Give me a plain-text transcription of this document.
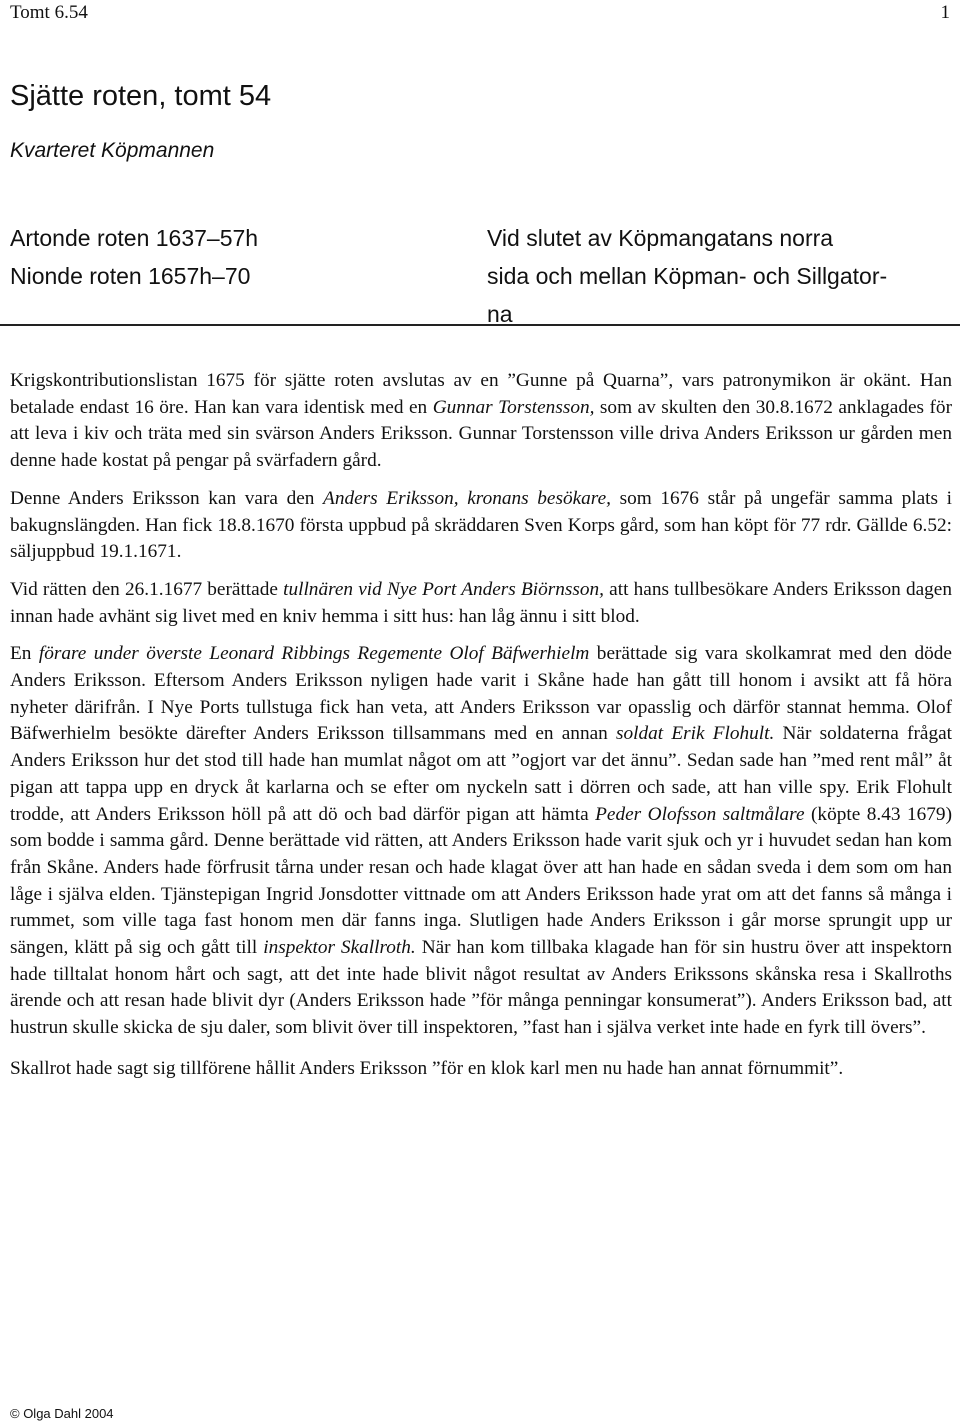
Tomt 6.54	1
Sjätte roten, tomt 54
Kvarteret Köpmannen
Artonde roten 1637–57h
Nionde roten 1657h–70
Vid slutet av Köpmangatans norra
sida och mellan Köpman- och Sillgator-
na

Krigskontributionslistan 1675 för sjätte roten avslutas av en ”Gunne på Quarna”, vars patronymikon är okänt. Han betalade endast 16 öre. Han kan vara identisk med en Gunnar Torstensson, som av skulten den 30.8.1672 anklagades för att leva i kiv och träta med sin svärson Anders Eriksson. Gunnar Torstensson ville driva Anders Eriksson ur gården men denne hade kostat på pengar på svärfadern gård.

Denne Anders Eriksson kan vara den Anders Eriksson, kronans besökare, som 1676 står på ungefär samma plats i bakugnslängden. Han fick 18.8.1670 första uppbud på skräddaren Sven Korps gård, som han köpt för 77 rdr. Gällde 6.52: säljuppbud 19.1.1671.

Vid rätten den 26.1.1677 berättade tullnären vid Nye Port Anders Biörnsson, att hans tullbesökare Anders Eriksson dagen innan hade avhänt sig livet med en kniv hemma i sitt hus: han låg ännu i sitt blod.

En förare under överste Leonard Ribbings Regemente Olof Bäfwerhielm berättade sig vara skolkamrat med den döde Anders Eriksson. Eftersom Anders Eriksson nyligen hade varit i Skåne hade han gått till honom i avsikt att få höra nyheter därifrån. I Nye Ports tullstuga fick han veta, att Anders Eriksson var opasslig och därför stannat hemma. Olof Bäfwerhielm besökte därefter Anders Eriksson tillsammans med en annan soldat Erik Flohult. När soldaterna frågat Anders Eriksson hur det stod till hade han mumlat något om att ”ogjort var det ännu”. Sedan sade han ”med rent mål” åt pigan att tappa upp en dryck åt karlarna och se efter om nyckeln satt i dörren och sade, att han ville spy. Erik Flohult trodde, att Anders Eriksson höll på att dö och bad därför pigan att hämta Peder Olofsson saltmålare (köpte 8.43 1679) som bodde i samma gård. Denne berättade vid rätten, att Anders Eriksson hade varit sjuk och yr i huvudet sedan han kom från Skåne. Anders hade förfrusit tårna under resan och hade klagat över att han hade en sådan sveda i dem som om han låge i själva elden. Tjänstepigan Ingrid Jonsdotter vittnade om att Anders Eriksson hade yrat om att det fanns så många i rummet, som ville taga fast honom men där fanns inga. Slutligen hade Anders Eriksson i går morse sprungit upp ur sängen, klätt på sig och gått till inspektor Skallroth. När han kom tillbaka klagade han för sin hustru över att inspektorn hade tilltalat honom hårt och sagt, att det inte hade blivit något resultat av Anders Erikssons skånska resa i Skallroths ärende och att resan hade blivit dyr (Anders Eriksson hade ”för många penningar konsumerat”). Anders Eriksson bad, att hustrun skulle skicka de sju daler, som blivit över till inspektoren, ”fast han i själva verket inte hade en fyrk till övers”.

Skallrot hade sagt sig tillförene hållit Anders Eriksson ”för en klok karl men nu hade han annat förnummit”.

© Olga Dahl 2004
